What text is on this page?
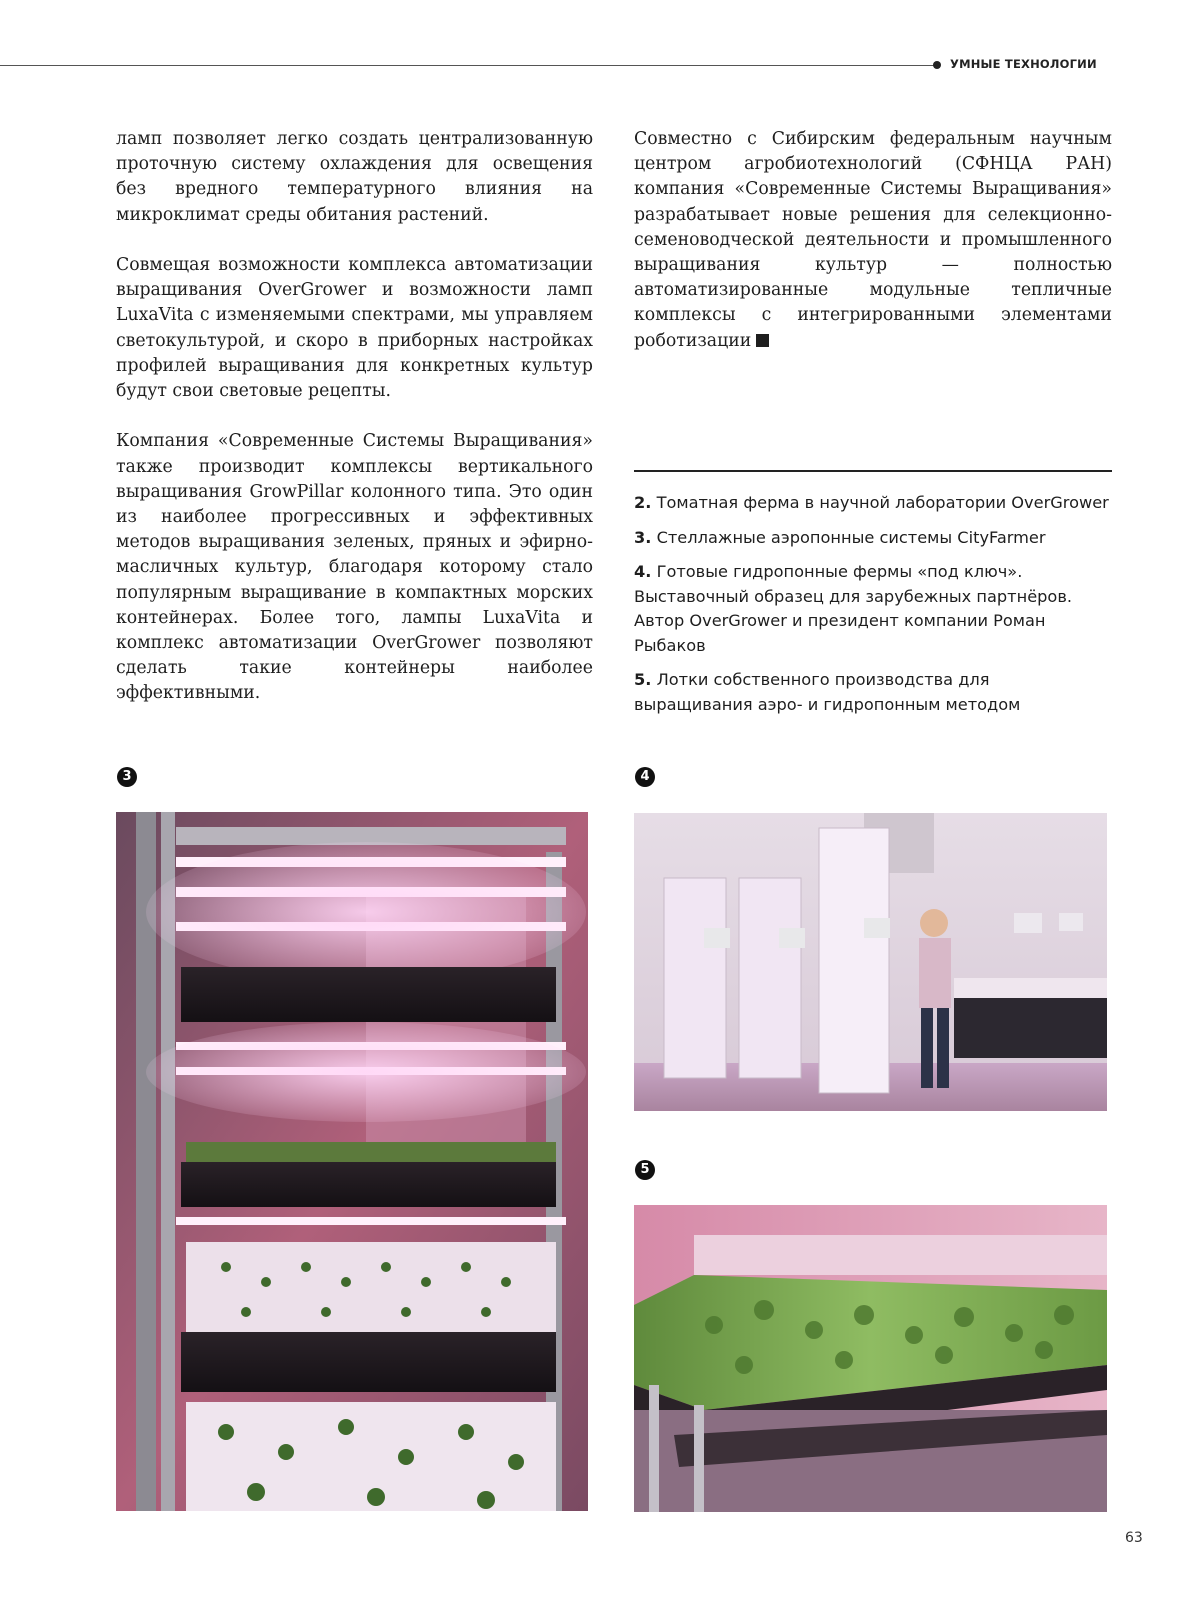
УМНЫЕ ТЕХНОЛОГИИ

ламп позволяет легко создать централизованную проточную систему охлаждения для освещения без вредного температурного влияния на микроклимат среды обитания растений.

Совмещая возможности комплекса автоматизации выращивания OverGrower и возможности ламп LuxaVita с изменяемыми спектрами, мы управляем светокультурой, и скоро в приборных настройках профилей выращивания для конкретных культур будут свои световые рецепты.

Компания «Современные Системы Выращивания» также производит комплексы вертикального выращивания GrowPillar колонного типа. Это один из наиболее прогрессивных и эффективных методов выращивания зеленых, пряных и эфирно-масличных культур, благодаря которому стало популярным выращивание в компактных морских контейнерах. Более того, лампы LuxaVita и комплекс автоматизации OverGrower позволяют сделать такие контейнеры наиболее эффективными.

Совместно с Сибирским федеральным научным центром агробиотехнологий (СФНЦА РАН) компания «Современные Системы Выращивания» разрабатывает новые решения для селекционно-семеноводческой деятельности и промышленного выращивания культур — полностью автоматизированные модульные тепличные комплексы с интегрированными элементами роботизации

2. Томатная ферма в научной лаборатории OverGrower

3. Стеллажные аэропонные системы CityFarmer

4. Готовые гидропонные фермы «под ключ». Выставочный образец для зарубежных партнёров. Автор OverGrower и президент компании Роман Рыбаков

5. Лотки собственного производства для выращивания аэро- и гидропонным методом

3	4
5
63
